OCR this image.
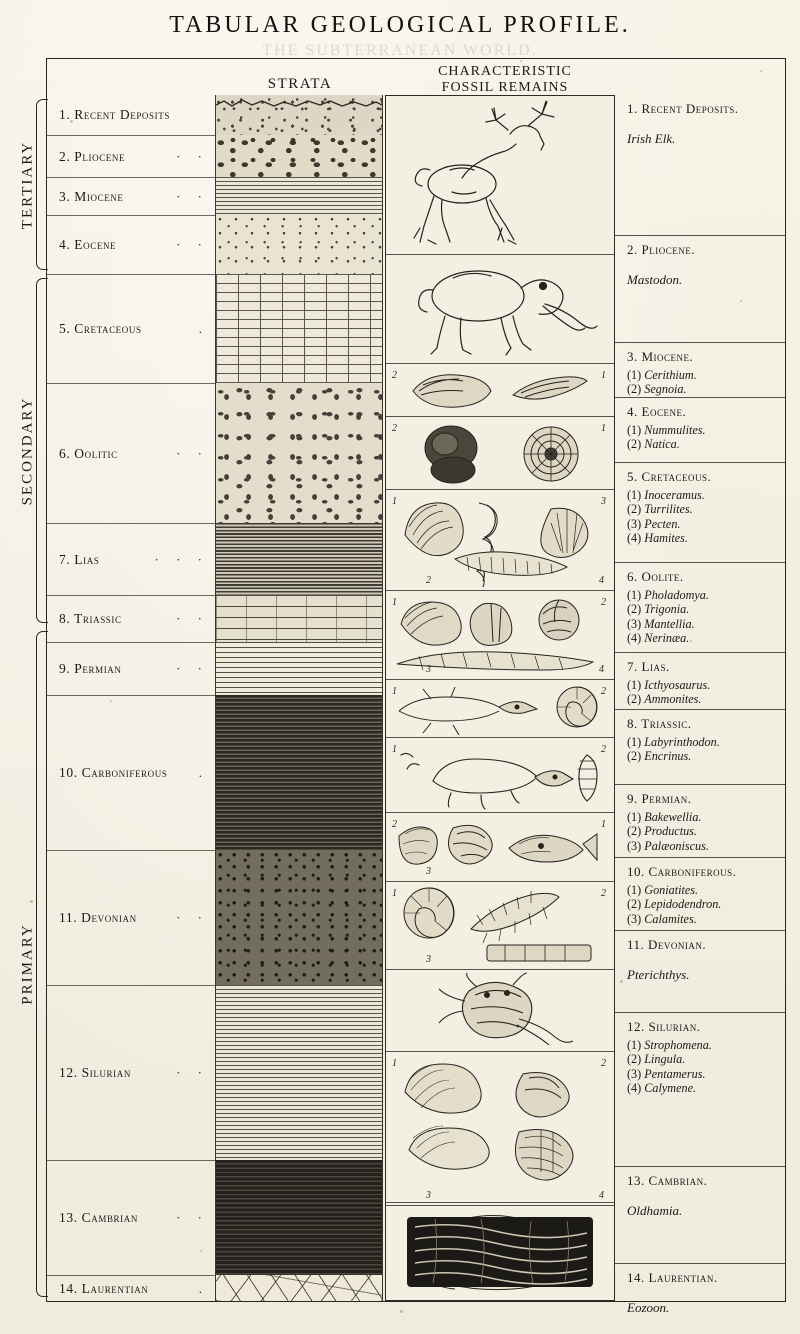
TABULAR GEOLOGICAL PROFILE.
THE SUBTERRANEAN WORLD.
STRATA
CHARACTERISTIC
FOSSIL REMAINS
TERTIARY
SECONDARY
PRIMARY
1. Recent Deposits
2. Pliocene	· ·
3. Miocene	· ·
4. Eocene	· ·
5. Cretaceous	.
6. Oolitic	· ·
7. Lias	· · ·
8. Triassic	· ·
9. Permian	· ·
10. Carboniferous .
11. Devonian	· ·
12. Silurian	· ·
13. Cambrian	· ·
14. Laurentian	.
2	1
2	1
1	3
2	4
1	2
3	4
1	2
1	2
2	1
3
1	2
3
1	2
3	4
1. Recent Deposits.
Irish Elk.
2. Pliocene.
Mastodon.
3. Miocene.
(1) Cerithium.
(2) Segnoia.
4. Eocene.
(1) Nummulites.
(2) Natica.
5. Cretaceous.
(1) Inoceramus.
(2) Turrilites.
(3) Pecten.
(4) Hamites.
6. Oolite.
(1) Pholadomya.
(2) Trigonia.
(3) Mantellia.
(4) Nerinæa.
7. Lias.
(1) Icthyosaurus.
(2) Ammonites.
8. Triassic.
(1) Labyrinthodon.
(2) Encrinus.
9. Permian.
(1) Bakewellia.
(2) Productus.
(3) Palæoniscus.
10. Carboniferous.
(1) Goniatites.
(2) Lepidodendron.
(3) Calamites.
11. Devonian.
Pterichthys.
12. Silurian.
(1) Strophomena.
(2) Lingula.
(3) Pentamerus.
(4) Calymene.
13. Cambrian.
Oldhamia.
14. Laurentian.
Eozoon.
